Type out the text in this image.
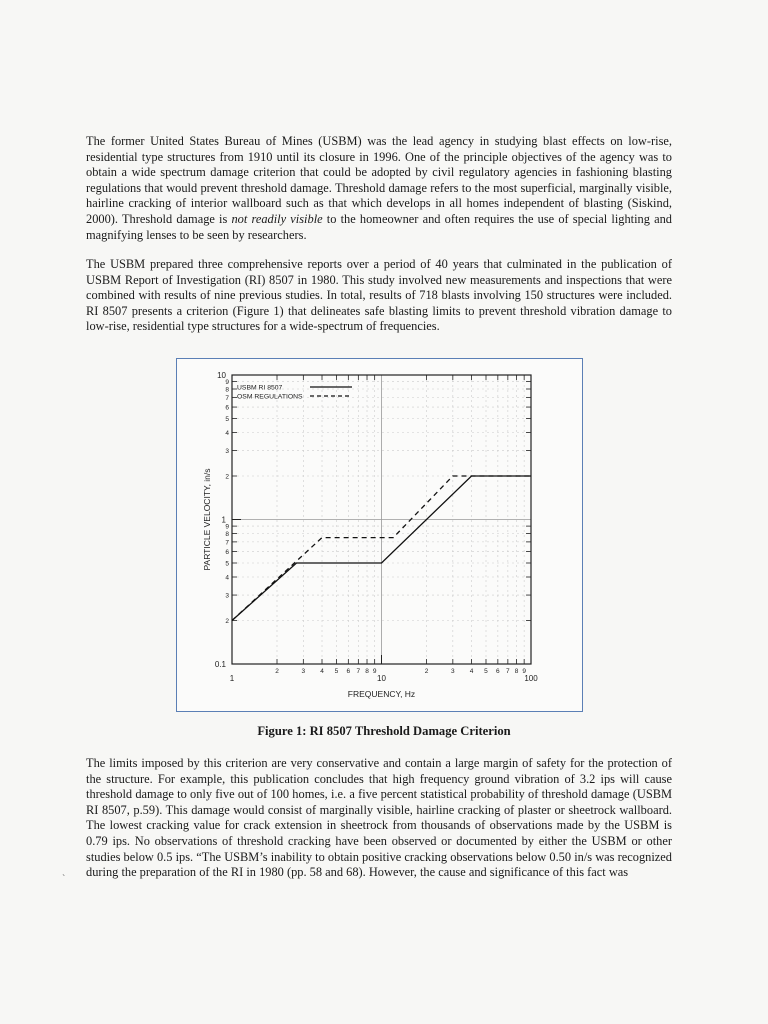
The former United States Bureau of Mines (USBM) was the lead agency in studying blast effects on low-rise, residential type structures from 1910 until its closure in 1996. One of the principle objectives of the agency was to obtain a wide spectrum damage criterion that could be adopted by civil regulatory agencies in fashioning blasting regulations that would prevent threshold damage. Threshold damage refers to the most superficial, marginally visible, hairline cracking of interior wallboard such as that which develops in all homes independent of blasting (Siskind, 2000). Threshold damage is not readily visible to the homeowner and often requires the use of special lighting and magnifying lenses to be seen by researchers.

The USBM prepared three comprehensive reports over a period of 40 years that culminated in the publication of USBM Report of Investigation (RI) 8507 in 1980. This study involved new measurements and inspections that were combined with results of nine previous studies. In total, results of 718 blasts involving 150 structures were included. RI 8507 presents a criterion (Figure 1) that delineates safe blasting limits to prevent threshold vibration damage to low-rise, residential type structures for a wide-spectrum of frequencies.

2	3 4 5 6 7 8 9	2	3 4 5 6 7 8 9
1	10	100
2
3
4
5
6
7
8
9
2
3
4
5
6
7
8
9
0.1
1
10
FREQUENCY, Hz
PARTICLE VELOCITY, in/s
USBM RI 8507
OSM REGULATIONS
Figure 1: RI 8507 Threshold Damage Criterion

The limits imposed by this criterion are very conservative and contain a large margin of safety for the protection of the structure. For example, this publication concludes that high frequency ground vibration of 3.2 ips will cause threshold damage to only five out of 100 homes, i.e. a five percent statistical probability of threshold damage (USBM RI 8507, p.59). This damage would consist of marginally visible, hairline cracking of plaster or sheetrock wallboard. The lowest cracking value for crack extension in sheetrock from thousands of observations made by the USBM is 0.79 ips. No observations of threshold cracking have been observed or documented by either the USBM or other studies below 0.5 ips. “The USBM’s inability to obtain positive cracking observations below 0.50 in/s was recognized during the preparation of the RI in 1980 (pp. 58 and 68). However, the cause and significance of this fact was

`
